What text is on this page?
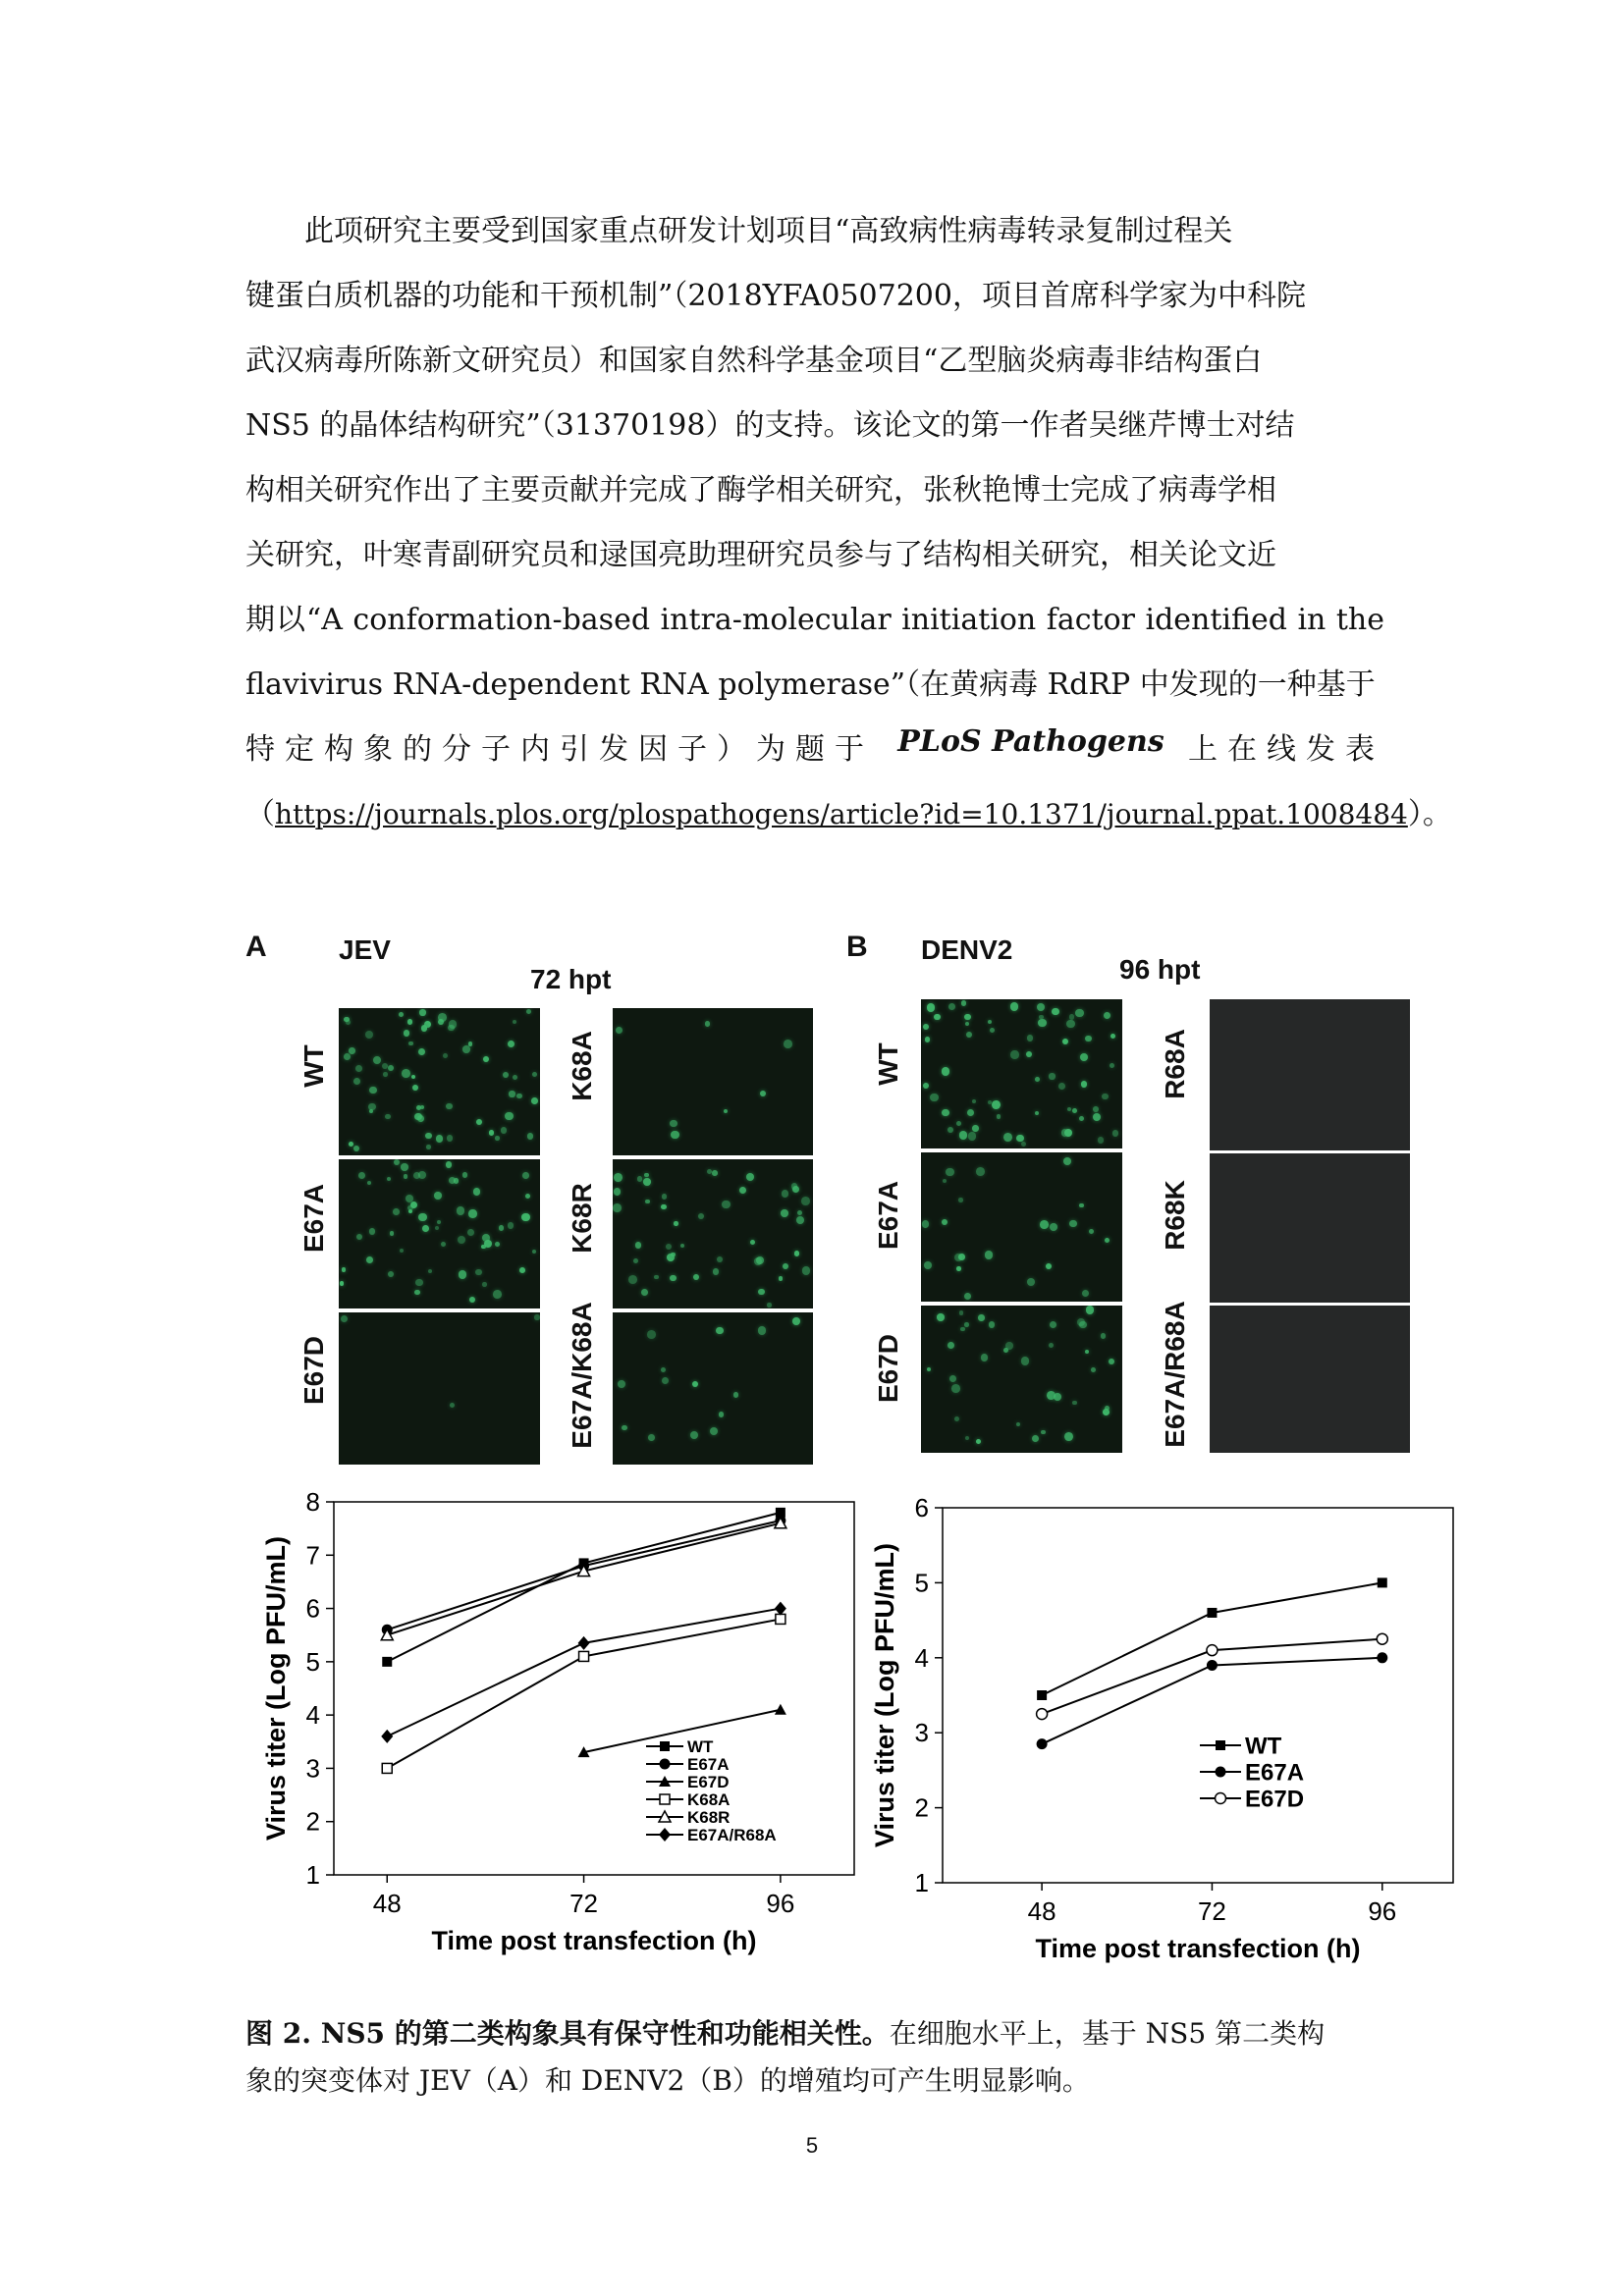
此项研究主要受到国家重点研发计划项目“高致病性病毒转录复制过程关
键蛋白质机器的功能和干预机制”（2018YFA0507200，项目首席科学家为中科院
武汉病毒所陈新文研究员）和国家自然科学基金项目“乙型脑炎病毒非结构蛋白
NS5 的晶体结构研究”（31370198）的支持。该论文的第一作者吴继芹博士对结
构相关研究作出了主要贡献并完成了酶学相关研究，张秋艳博士完成了病毒学相
关研究，叶寒青副研究员和逯国亮助理研究员参与了结构相关研究，相关论文近
期以“A conformation-based intra-molecular initiation factor identified in the
flavivirus RNA-dependent RNA polymerase”（在黄病毒 RdRP 中发现的一种基于
特定构象的分子内引发因子）为题于 PLoS Pathogens 上在线发表
（https://journals.plos.org/plospathogens/article?id=10.1371/journal.ppat.1008484）。
A	JEV
72 hpt
WT
E67A
E67D
K68A
K68R
E67A/K68A
B DENV2
96 hpt
WT
E67A
E67D
R68A
R68K
E67A/R68A
1
2
3
4
5
6
7
8
48	72	96
Time post transfection (h)
Virus titer (Log PFU/mL)	WT
E67A
E67D
K68A
K68R
E67A/R68A
1
2
3
4
5
6
48	72	96
Time post transfection (h)
Virus titer (Log PFU/mL)	WT
E67A
E67D
图 2. NS5 的第二类构象具有保守性和功能相关性。在细胞水平上，基于 NS5 第二类构
象的突变体对 JEV（A）和 DENV2（B）的增殖均可产生明显影响。
5
